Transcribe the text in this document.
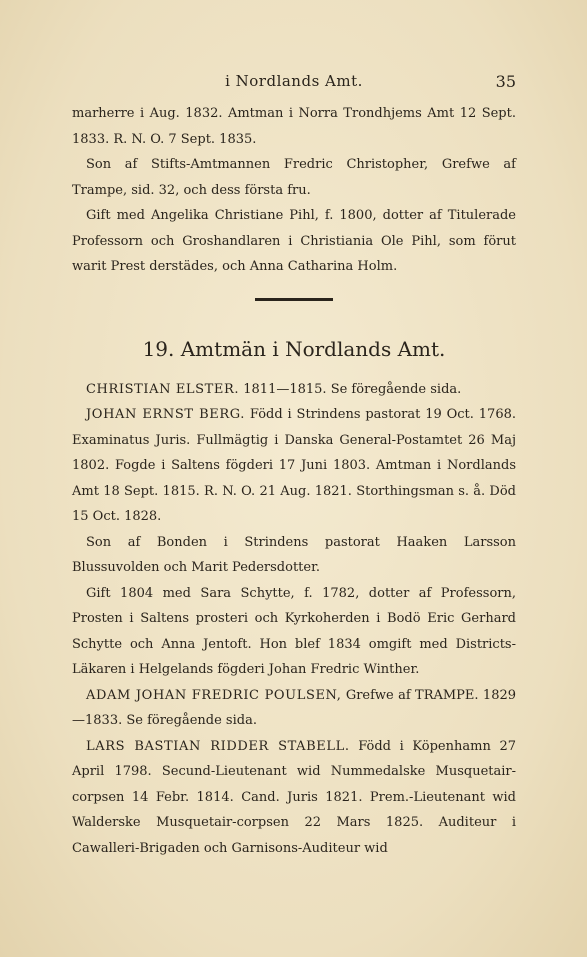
i Nordlands Amt.	35

marherre i Aug. 1832. Amtman i Norra Trondhjems Amt 12 Sept. 1833. R. N. O. 7 Sept. 1835.

Son af Stifts-Amtmannen Fredric Christopher, Grefwe af Trampe, sid. 32, och dess första fru.

Gift med Angelika Christiane Pihl, f. 1800, dotter af Titulerade Professorn och Groshandlaren i Christiania Ole Pihl, som förut warit Prest derstädes, och Anna Catharina Holm.

19. Amtmän i Nordlands Amt.

CHRISTIAN ELSTER. 1811—1815. Se föregående sida.

JOHAN ERNST BERG. Född i Strindens pastorat 19 Oct. 1768. Examinatus Juris. Fullmägtig i Danska General-Postamtet 26 Maj 1802. Fogde i Saltens fögderi 17 Juni 1803. Amtman i Nordlands Amt 18 Sept. 1815. R. N. O. 21 Aug. 1821. Storthingsman s. å. Död 15 Oct. 1828.

Son af Bonden i Strindens pastorat Haaken Larsson Blussuvolden och Marit Pedersdotter.

Gift 1804 med Sara Schytte, f. 1782, dotter af Professorn, Prosten i Saltens prosteri och Kyrkoherden i Bodö Eric Gerhard Schytte och Anna Jentoft. Hon blef 1834 omgift med Districts-Läkaren i Helgelands fögderi Johan Fredric Winther.

ADAM JOHAN FREDRIC POULSEN, Grefwe af TRAMPE. 1829—1833. Se föregående sida.

LARS BASTIAN RIDDER STABELL. Född i Köpenhamn 27 April 1798. Secund-Lieutenant wid Nummedalske Musquetair-corpsen 14 Febr. 1814. Cand. Juris 1821. Prem.-Lieutenant wid Walderske Musquetair-corpsen 22 Mars 1825. Auditeur i Cawalleri-Brigaden och Garnisons-Auditeur wid
